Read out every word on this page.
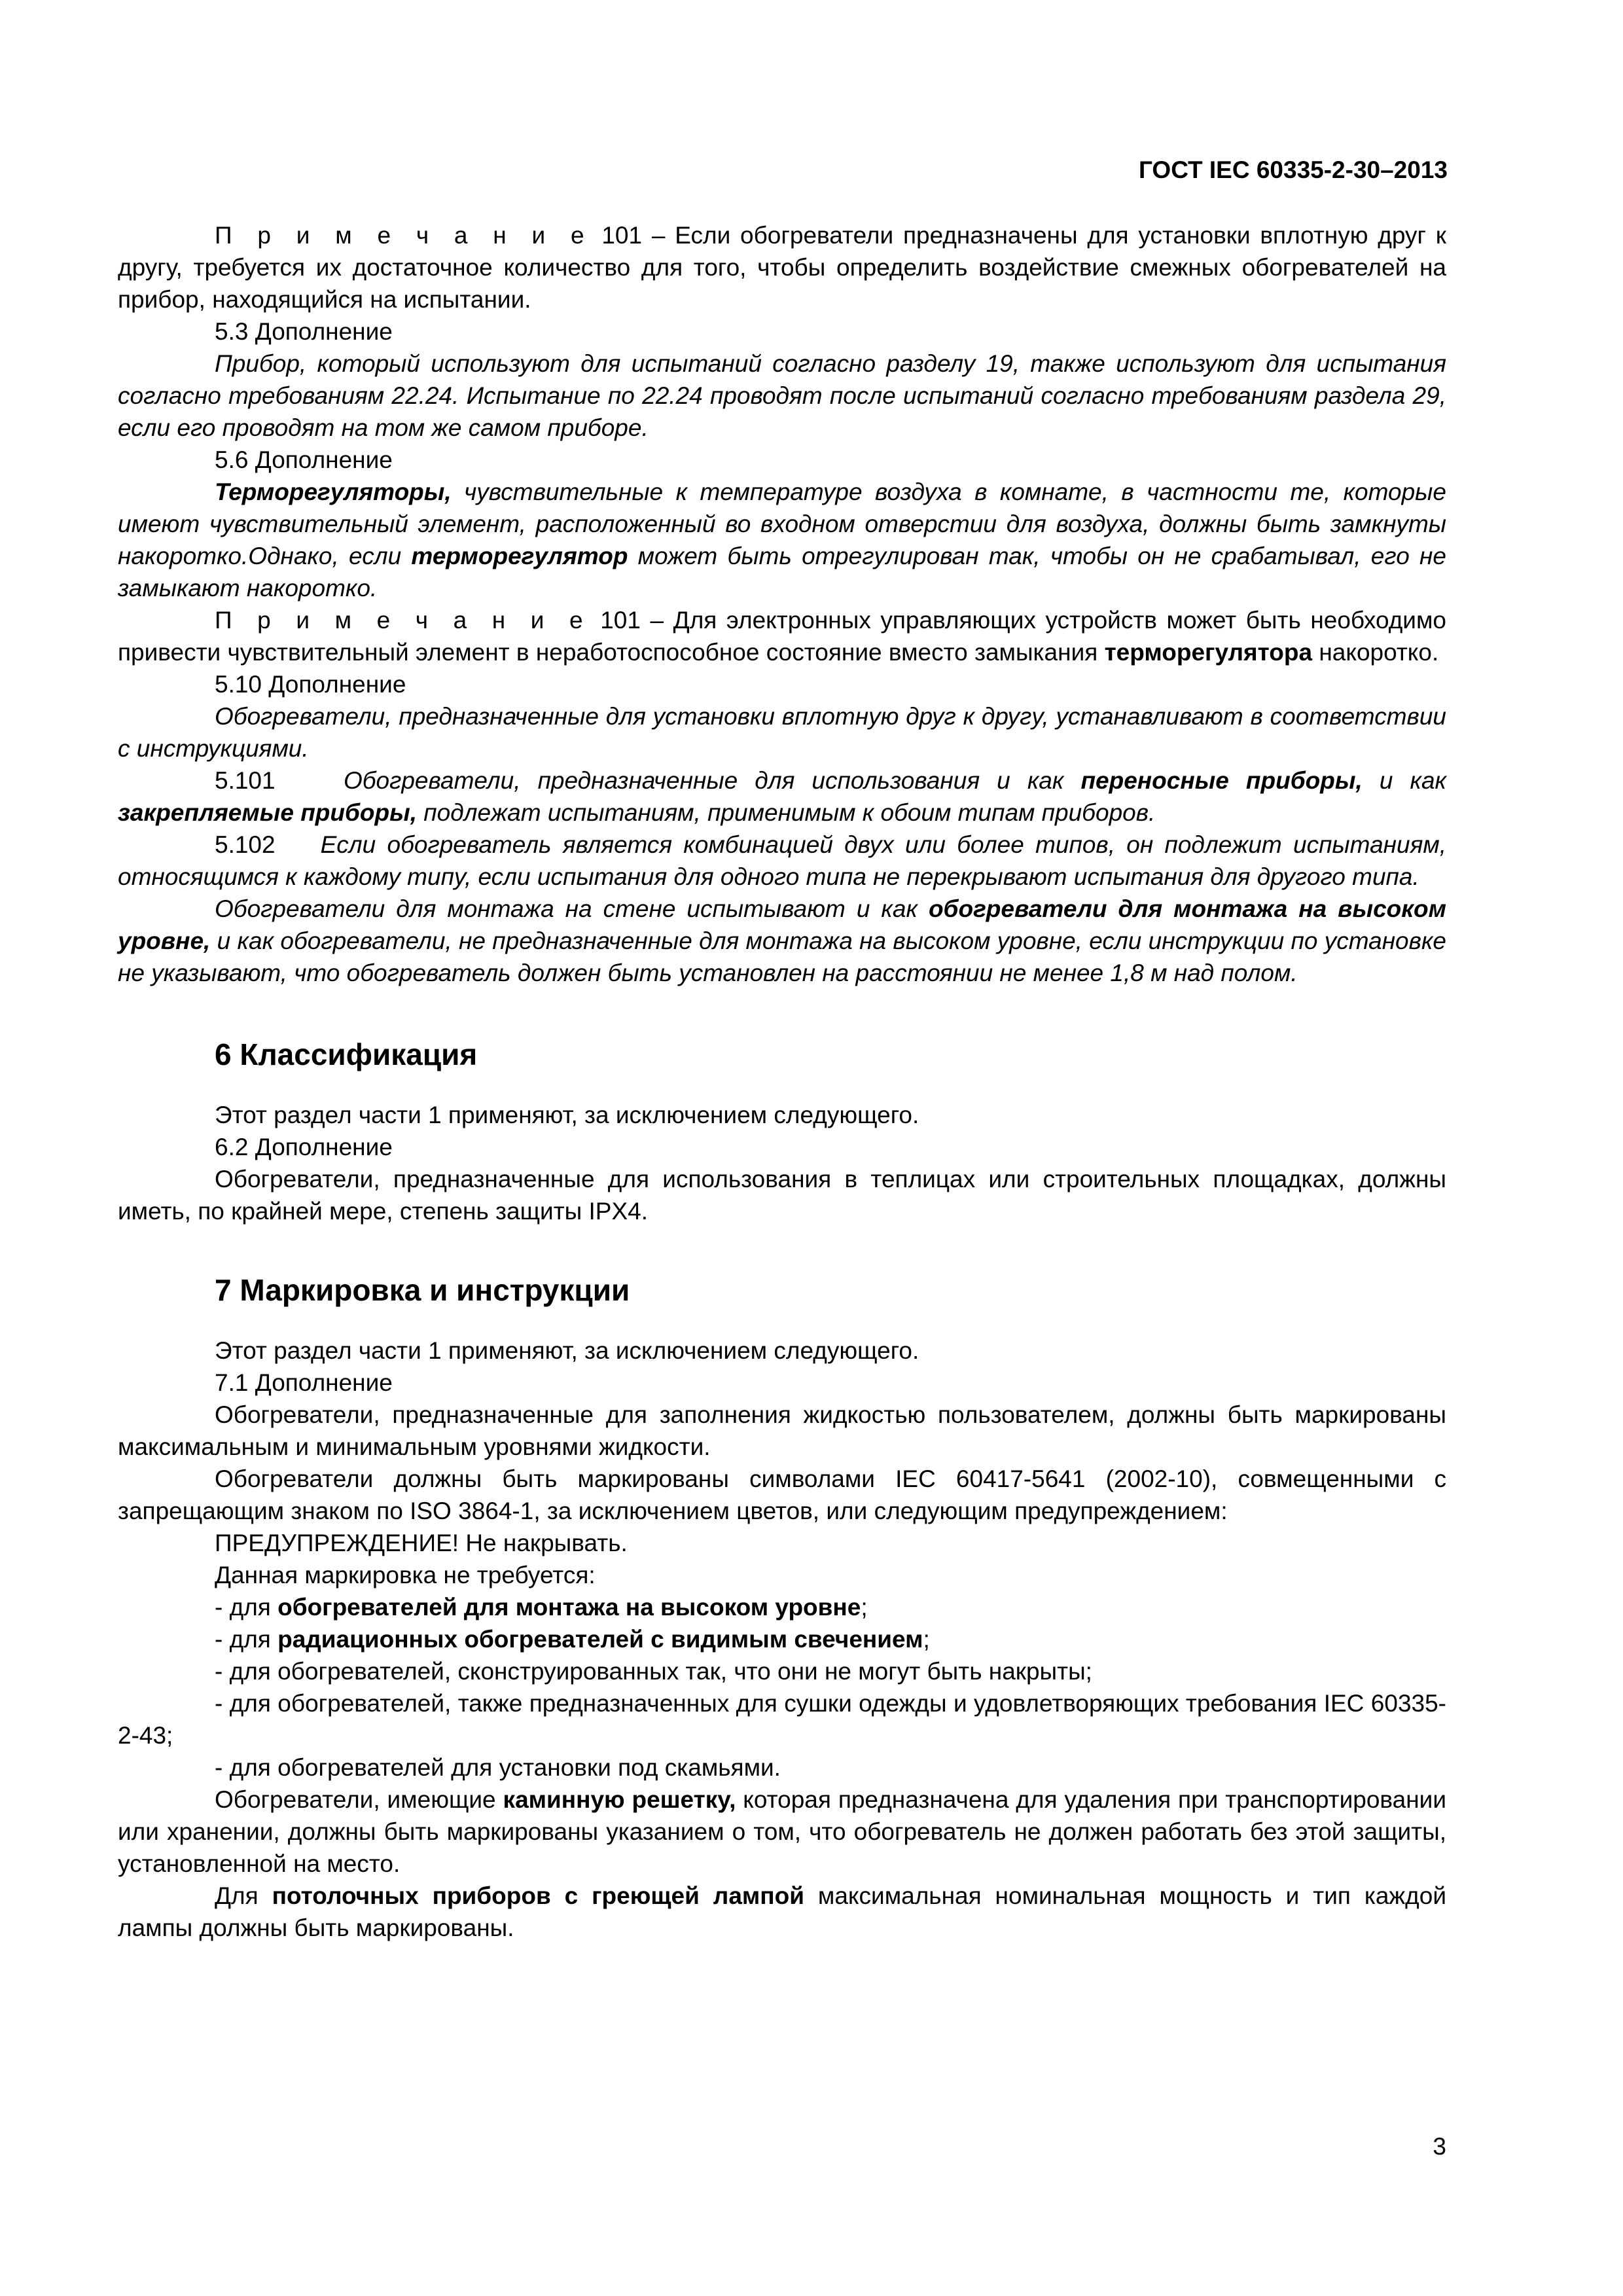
ГОСТ IEC 60335-2-30–2013

П р и м е ч а н и е 101 – Если обогреватели предназначены для установки вплотную друг к другу, требуется их достаточное количество для того, чтобы определить воздействие смежных обогревателей на прибор, находящийся на испытании.

5.3 Дополнение

Прибор, который используют для испытаний согласно разделу 19, также используют для испытания согласно требованиям 22.24. Испытание по 22.24 проводят после испытаний согласно требованиям раздела 29, если его проводят на том же самом приборе.

5.6 Дополнение

Терморегуляторы, чувствительные к температуре воздуха в комнате, в частности те, которые имеют чувствительный элемент, расположенный во входном отверстии для воздуха, должны быть замкнуты накоротко.Однако, если терморегулятор может быть отрегулирован так, чтобы он не срабатывал, его не замыкают накоротко.

П р и м е ч а н и е 101 – Для электронных управляющих устройств может быть необходимо привести чувствительный элемент в неработоспособное состояние вместо замыкания терморегулятора накоротко.

5.10 Дополнение

Обогреватели, предназначенные для установки вплотную друг к другу, устанавливают в соответствии с инструкциями.

5.101	Обогреватели, предназначенные для использования и как переносные приборы, и как закрепляемые приборы, подлежат испытаниям, применимым к обоим типам приборов.

5.102 Если обогреватель является комбинацией двух или более типов, он подлежит испытаниям, относящимся к каждому типу, если испытания для одного типа не перекрывают испытания для другого типа.

Обогреватели для монтажа на стене испытывают и как обогреватели для монтажа на высоком уровне, и как обогреватели, не предназначенные для монтажа на высоком уровне, если инструкции по установке не указывают, что обогреватель должен быть установлен на расстоянии не менее 1,8 м над полом.

6 Классификация

Этот раздел части 1 применяют, за исключением следующего.

6.2 Дополнение

Обогреватели, предназначенные для использования в теплицах или строительных площадках, должны иметь, по крайней мере, степень защиты IPX4.

7 Маркировка и инструкции

Этот раздел части 1 применяют, за исключением следующего.

7.1 Дополнение

Обогреватели, предназначенные для заполнения жидкостью пользователем, должны быть маркированы максимальным и минимальным уровнями жидкости.

Обогреватели должны быть маркированы символами IEC 60417-5641 (2002-10), совмещенными с запрещающим знаком по ISO 3864-1, за исключением цветов, или следующим предупреждением:

ПРЕДУПРЕЖДЕНИЕ! Не накрывать.

Данная маркировка не требуется:

- для обогревателей для монтажа на высоком уровне;

- для радиационных обогревателей с видимым свечением;

- для обогревателей, сконструированных так, что они не могут быть накрыты;

- для обогревателей, также предназначенных для сушки одежды и удовлетворяющих требования IEC 60335-2-43;

- для обогревателей для установки под скамьями.

Обогреватели, имеющие каминную решетку, которая предназначена для удаления при транспортировании или хранении, должны быть маркированы указанием о том, что обогреватель не должен работать без этой защиты, установленной на место.

Для потолочных приборов с греющей лампой максимальная номинальная мощность и тип каждой лампы должны быть маркированы.

3
